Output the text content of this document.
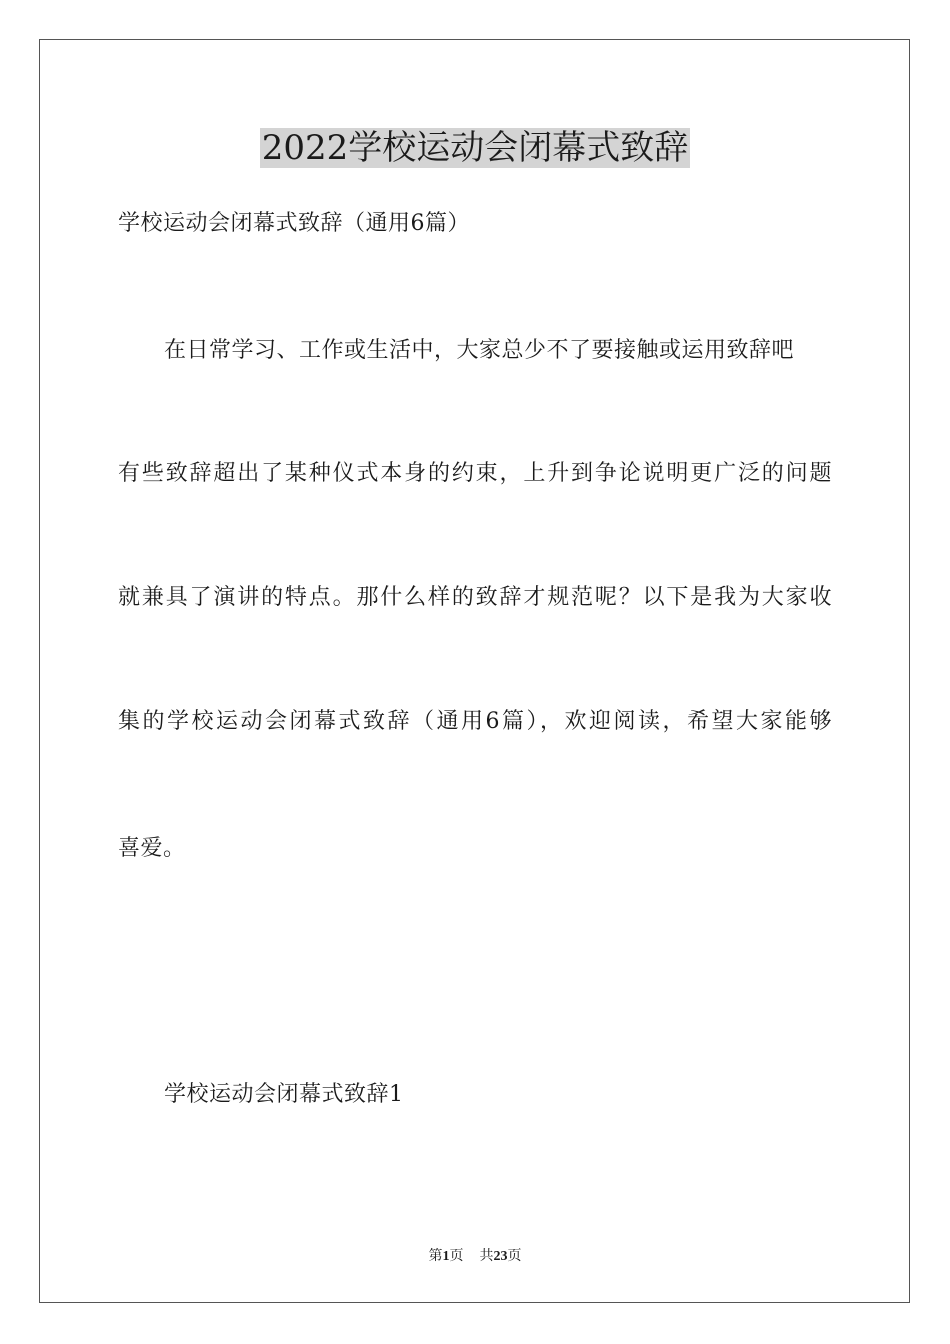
2022学校运动会闭幕式致辞
学校运动会闭幕式致辞（通用6篇）
在日常学习、工作或生活中，大家总少不了要接触或运用致辞吧
有些致辞超出了某种仪式本身的约束，上升到争论说明更广泛的问题
就兼具了演讲的特点。那什么样的致辞才规范呢？以下是我为大家收
集的学校运动会闭幕式致辞（通用6篇），欢迎阅读，希望大家能够
喜爱。
学校运动会闭幕式致辞1
第1页 共23页
